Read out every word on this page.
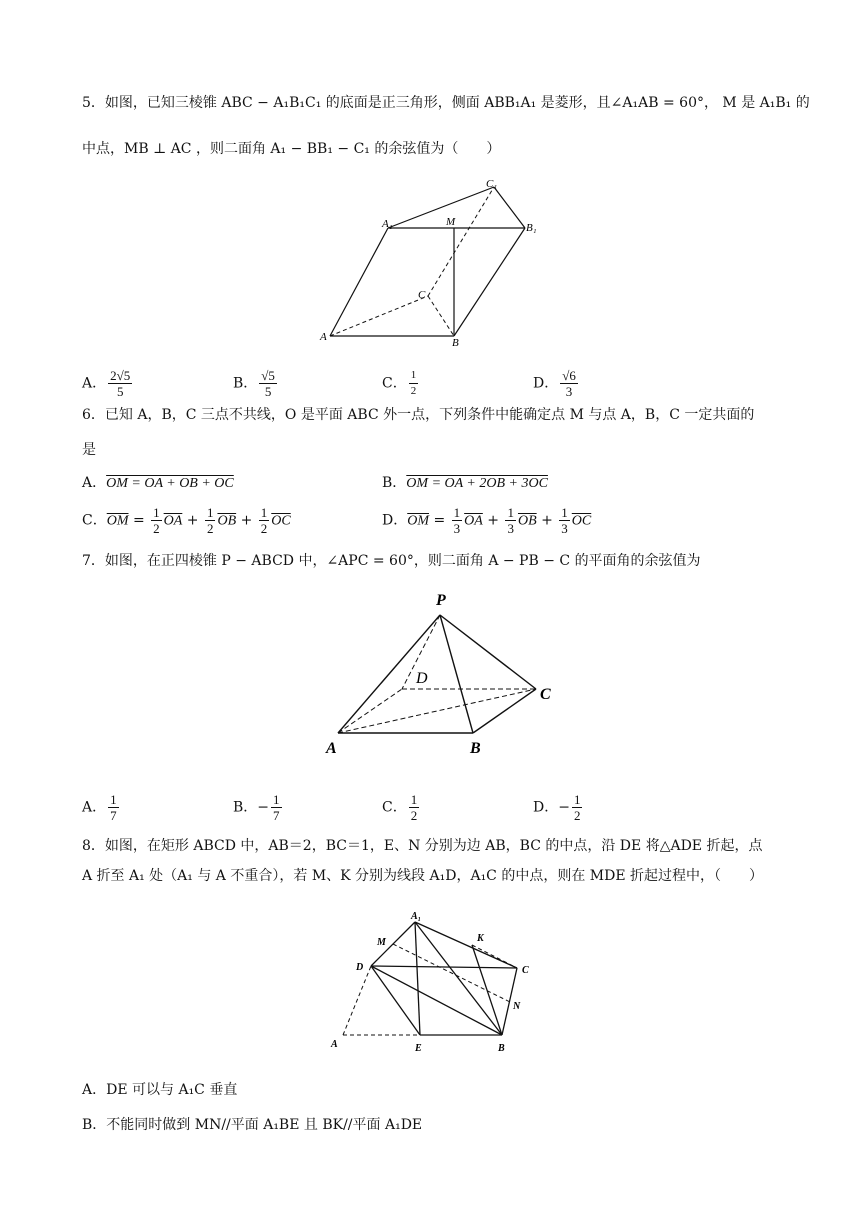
5．如图，已知三棱锥 ABC − A₁B₁C₁ 的底面是正三角形，侧面 ABB₁A₁ 是菱形，且∠A₁AB = 60°， M 是 A₁B₁ 的
中点，MB ⊥ AC ，则二面角 A₁ − BB₁ − C₁ 的余弦值为（　　）
C₁
A₁	M	B₁
C
A	B
A． $\frac{2√5}{5}$	B． $\frac{√5}{5}$	C． $\frac{1}{2}$	D． $\frac{√6}{3}$
6．已知 A，B，C 三点不共线，O 是平面 ABC 外一点，下列条件中能确定点 M 与点 A，B，C 一定共面的
是
A．OM = OA + OB + OC	B．OM = OA + 2OB + 3OC
C．$\overline{OM} = \frac{1}{2} \overline{OA} + \frac{1}{2} \overline{OB} + \frac{1}{2} \overline{OC}$	D．$\overline{OM} = \frac{1}{3} \overline{OA} + \frac{1}{3} \overline{OB} + \frac{1}{3} \overline{OC}$
7．如图，在正四棱锥 P − ABCD 中，∠APC = 60°，则二面角 A − PB − C 的平面角的余弦值为
P
D
C
A	B
A． $\frac{1}{7}$	B．− $\frac{1}{7}$	C． $\frac{1}{2}$	D．− $\frac{1}{2}$
8．如图，在矩形 ABCD 中，AB＝2，BC＝1，E、N 分别为边 AB，BC 的中点，沿 DE 将△ADE 折起，点
A 折至 A₁ 处（A₁ 与 A 不重合），若 M、K 分别为线段 A₁D，A₁C 的中点，则在 MDE 折起过程中，（　　）
A₁
M	K
D	C
N
A	E	B
A．DE 可以与 A₁C 垂直
B．不能同时做到 MN//平面 A₁BE 且 BK//平面 A₁DE
